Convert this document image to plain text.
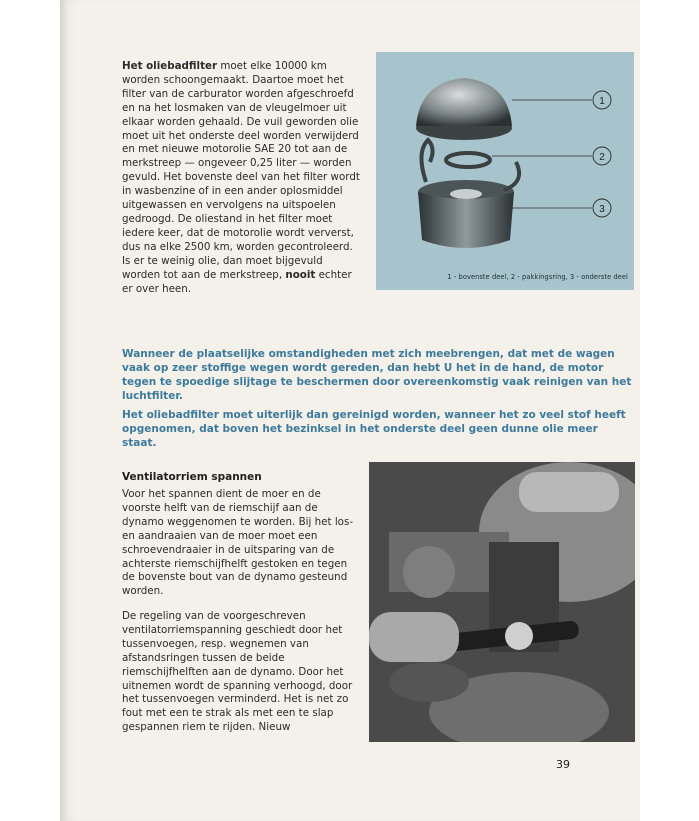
Het oliebadfilter moet elke 10000 km worden schoongemaakt. Daartoe moet het filter van de carburator worden afgeschroefd en na het losmaken van de vleugelmoer uit elkaar worden gehaald. De vuil geworden olie moet uit het onderste deel worden verwijderd en met nieuwe motorolie SAE 20 tot aan de merkstreep — ongeveer 0,25 liter — worden gevuld. Het bovenste deel van het filter wordt in wasbenzine of in een ander oplosmiddel uitgewassen en vervolgens na uitspoelen gedroogd. De oliestand in het filter moet iedere keer, dat de motorolie wordt ververst, dus na elke 2500 km, worden gecontroleerd. Is er te weinig olie, dan moet bijgevuld worden tot aan de merkstreep, nooit echter er over heen.
1
2
3
1 - bovenste deel, 2 - pakkingsring, 3 - onderste deel
Wanneer de plaatselijke omstandigheden met zich meebrengen, dat met de wagen vaak op zeer stoffige wegen wordt gereden, dan hebt U het in de hand, de motor tegen te spoedige slijtage te beschermen door overeenkomstig vaak reinigen van het luchtfilter.
Het oliebadfilter moet uiterlijk dan gereinigd worden, wanneer het zo veel stof heeft opgenomen, dat boven het bezinksel in het onderste deel geen dunne olie meer staat.
Ventilatorriem spannen
Voor het spannen dient de moer en de voorste helft van de riemschijf aan de dynamo weggenomen te worden. Bij het los- en aandraaien van de moer moet een schroevendraaier in de uitsparing van de achterste riemschijfhelft gestoken en tegen de bovenste bout van de dynamo gesteund worden.
De regeling van de voorgeschreven ventilatorriemspanning geschiedt door het tussenvoegen, resp. wegnemen van afstandsringen tussen de beide riemschijfhelften aan de dynamo. Door het uitnemen wordt de spanning verhoogd, door het tussenvoegen verminderd. Het is net zo fout met een te strak als met een te slap gespannen riem te rijden. Nieuw
39
